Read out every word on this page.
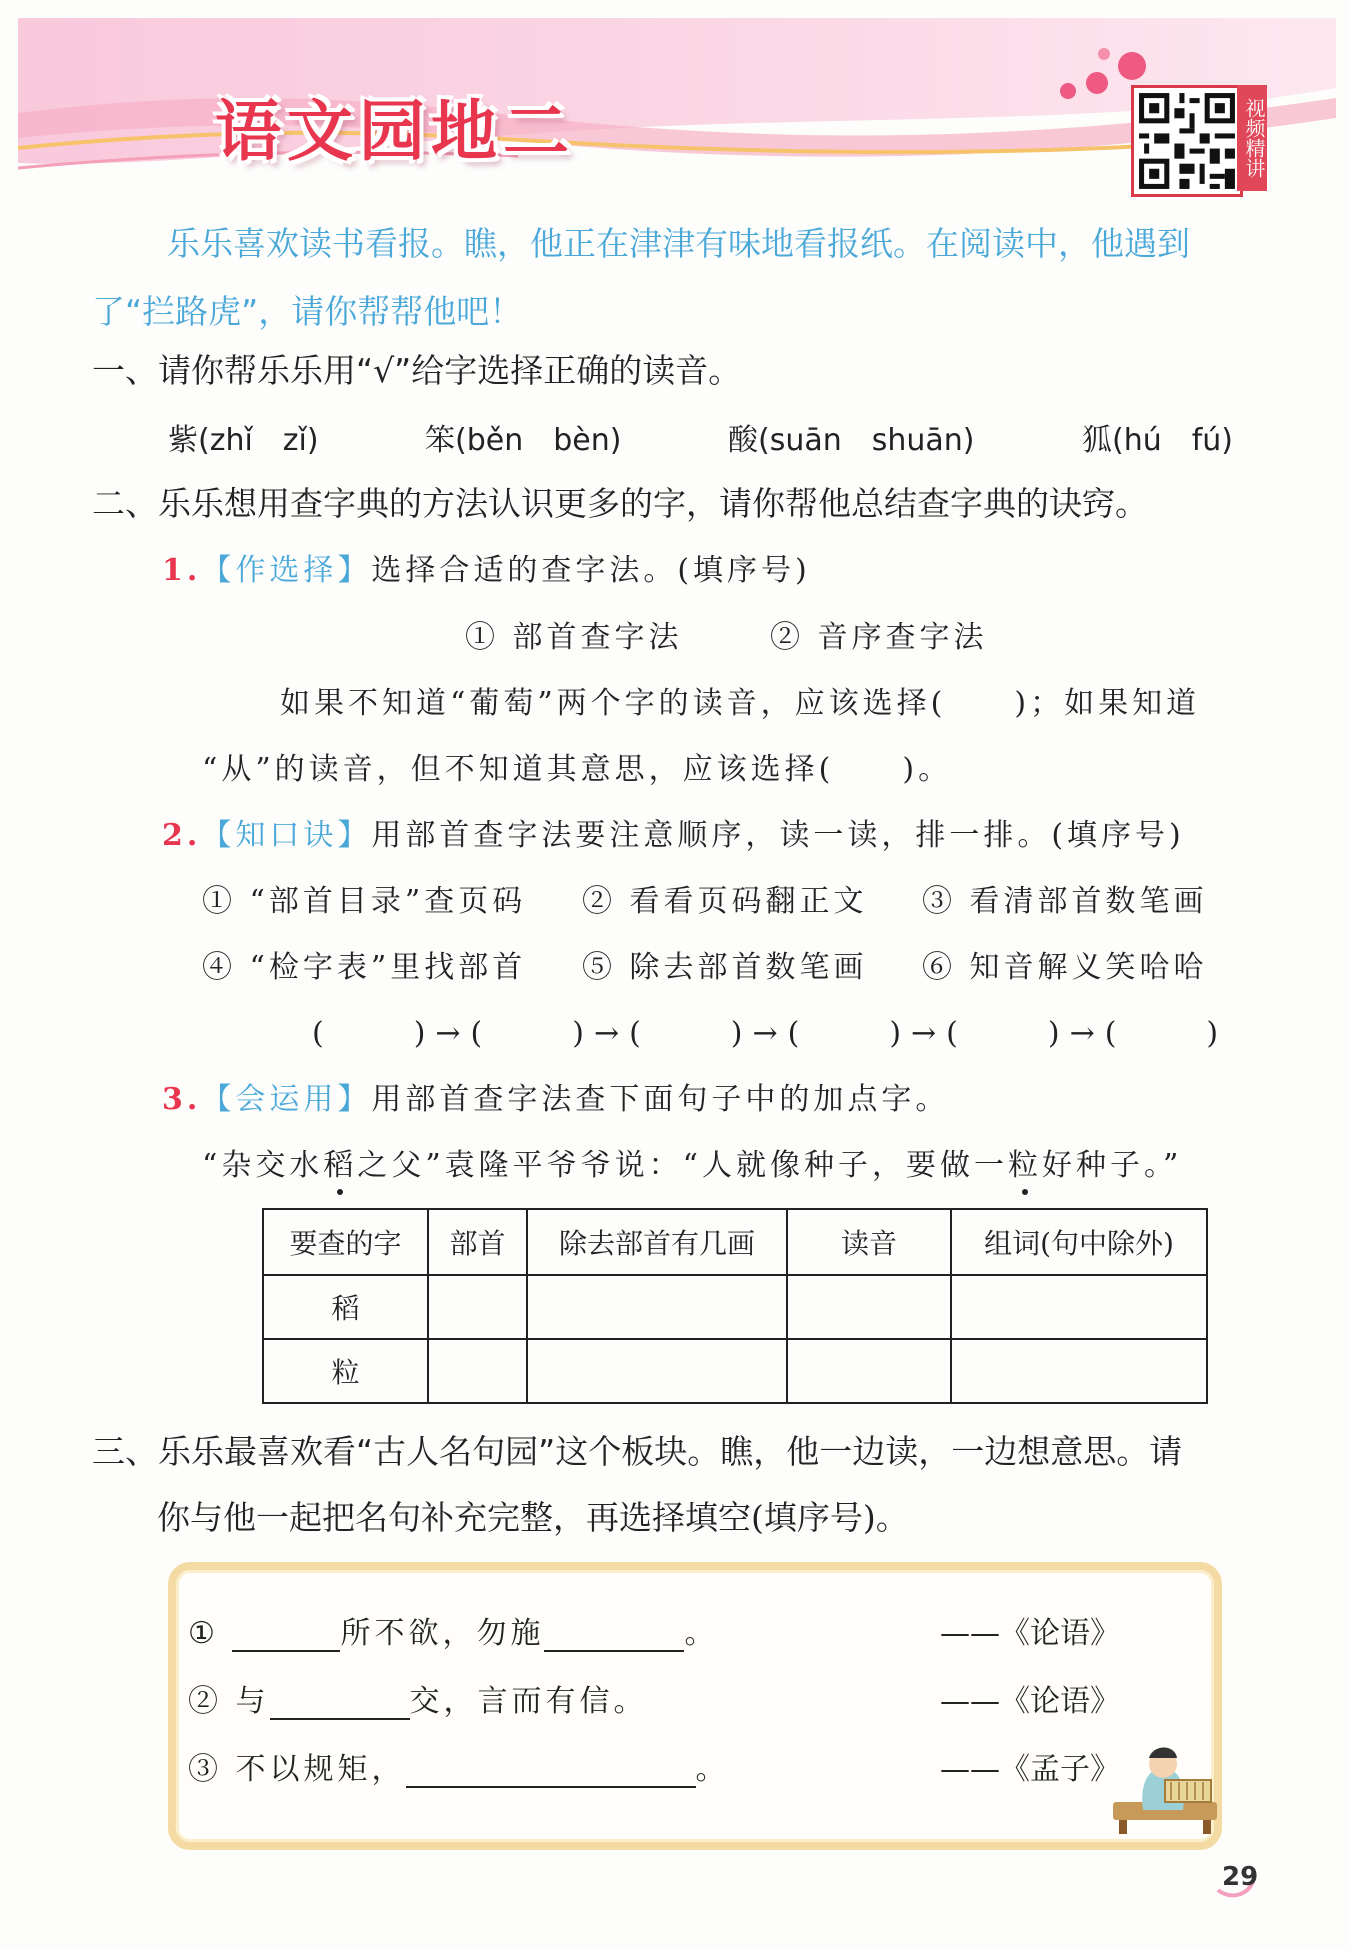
语文园地二	视频精讲
乐乐喜欢读书看报。瞧，他正在津津有味地看报纸。在阅读中，他遇到
了“拦路虎”，请你帮帮他吧！
一、请你帮乐乐用“√”给字选择正确的读音。
紫(zhǐ　zǐ)	笨(běn　bèn)	酸(suān　shuān)	狐(hú　fú)
二、乐乐想用查字典的方法认识更多的字，请你帮他总结查字典的诀窍。
1.【作选择】选择合适的查字法。(填序号)
① 部首查字法	② 音序查字法
如果不知道“葡萄”两个字的读音，应该选择(　　)；如果知道
“从”的读音，但不知道其意思，应该选择(　　)。
2.【知口诀】用部首查字法要注意顺序，读一读，排一排。(填序号)
① “部首目录”查页码 ② 看看页码翻正文 ③ 看清部首数笔画
④ “检字表”里找部首 ⑤ 除去部首数笔画 ⑥ 知音解义笑哈哈
(　　)→(　　)→(　　)→(　　)→(　　)→(　　)
3.【会运用】用部首查字法查下面句子中的加点字。
“杂交水稻之父”袁隆平爷爷说：“人就像种子，要做一粒好种子。”
要查的字	部首	除去部首有几画	读音	组词(句中除外)
稻				
粒				
三、乐乐最喜欢看“古人名句园”这个板块。瞧，他一边读，一边想意思。请
你与他一起把名句补充完整，再选择填空(填序号)。
①	所不欲，勿施	。	——《论语》
② 与	交，言而有信。	——《论语》
③ 不以规矩，	。	——《孟子》
29
